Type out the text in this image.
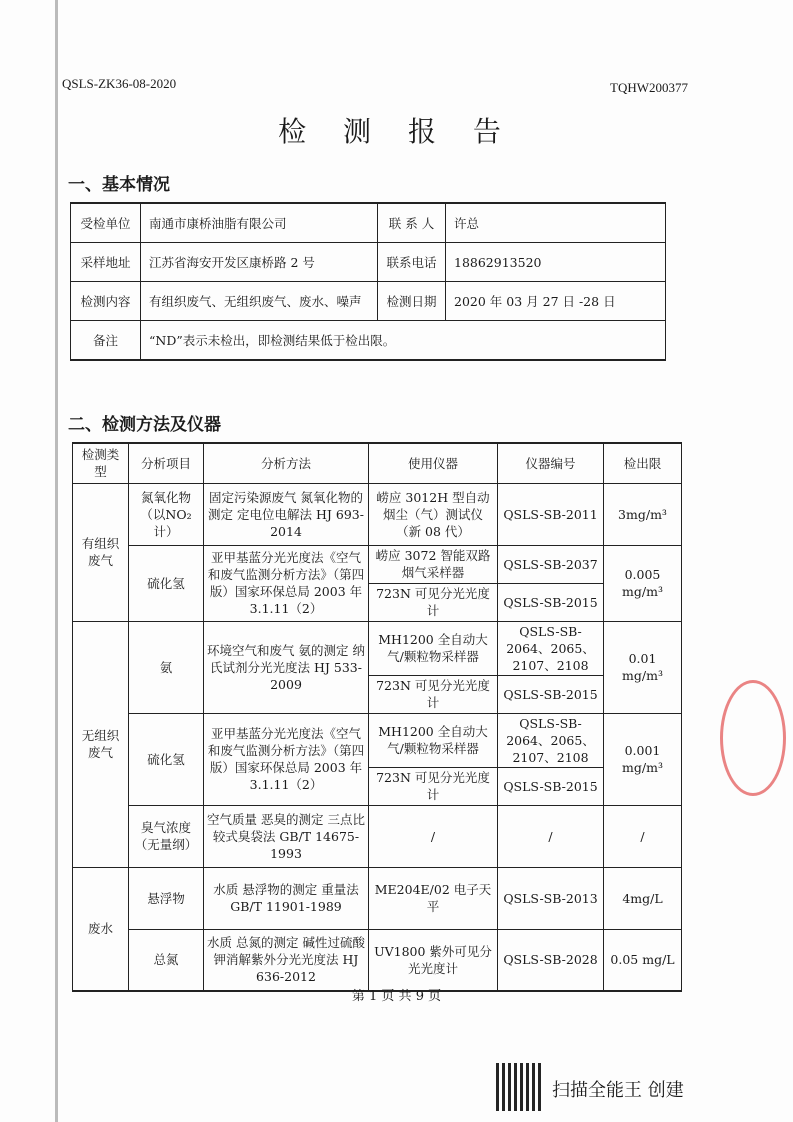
QSLS-ZK36-08-2020	TQHW200377
检 测 报 告
一、基本情况
受检单位	南通市康桥油脂有限公司	联 系 人	许总
采样地址	江苏省海安开发区康桥路 2 号	联系电话	18862913520
检测内容	有组织废气、无组织废气、废水、噪声	检测日期	2020 年 03 月 27 日 -28 日
备注	“ND”表示未检出，即检测结果低于检出限。		
二、检测方法及仪器
检测类型	分析项目	分析方法	使用仪器	仪器编号	检出限
有组织废气	氮氧化物（以NO₂计）	固定污染源废气 氮氧化物的测定 定电位电解法 HJ 693-2014	崂应 3012H 型自动烟尘（气）测试仪（新 08 代）	QSLS-SB-2011	3mg/m³
	硫化氢	亚甲基蓝分光光度法《空气和废气监测分析方法》（第四版）国家环保总局 2003 年 3.1.11（2）	崂应 3072 智能双路烟气采样器	QSLS-SB-2037	0.005 mg/m³
			723N 可见分光光度计	QSLS-SB-2015	
无组织废气	氨	环境空气和废气 氨的测定 纳氏试剂分光光度法 HJ 533-2009	MH1200 全自动大气/颗粒物采样器	QSLS-SB-2064、2065、2107、2108	0.01 mg/m³
			723N 可见分光光度计	QSLS-SB-2015	
	硫化氢	亚甲基蓝分光光度法《空气和废气监测分析方法》（第四版）国家环保总局 2003 年 3.1.11（2）	MH1200 全自动大气/颗粒物采样器	QSLS-SB-2064、2065、2107、2108	0.001 mg/m³
			723N 可见分光光度计	QSLS-SB-2015	
	臭气浓度（无量纲）	空气质量 恶臭的测定 三点比较式臭袋法 GB/T 14675-1993	/	/	/
废水	悬浮物	水质 悬浮物的测定 重量法 GB/T 11901-1989	ME204E/02 电子天平	QSLS-SB-2013	4mg/L
	总氮	水质 总氮的测定 碱性过硫酸钾消解紫外分光光度法 HJ 636-2012	UV1800 紫外可见分光光度计	QSLS-SB-2028	0.05 mg/L
第 1 页 共 9 页
扫描全能王 创建
